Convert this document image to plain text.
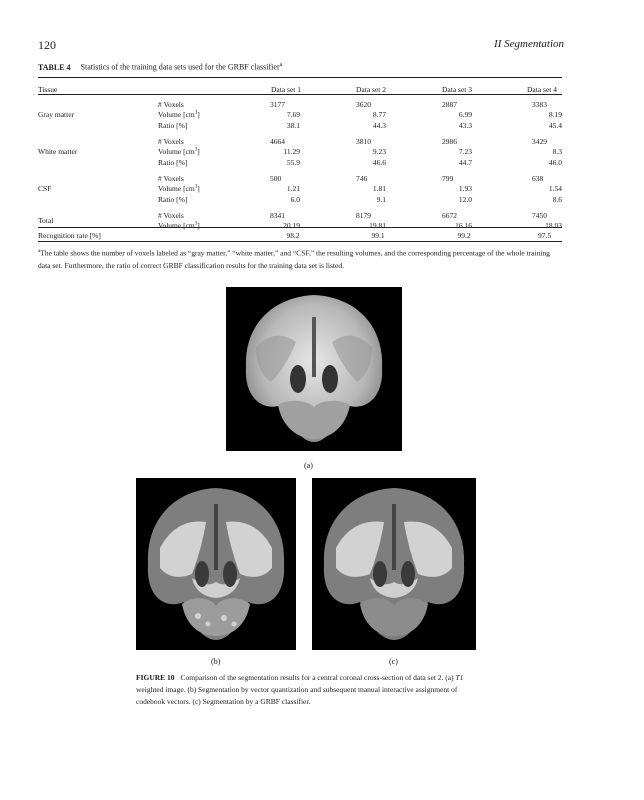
120	II Segmentation
TABLE 4 Statistics of the training data sets used for the GRBF classifier$^a$
Tissue	Data set 1	Data set 2	Data set 3	Data set 4
Gray matter
# Voxels	3177	3620	2887	3383
Volume $[cm^3]$	7.69	8.77	6.99	8.19
Ratio [%]	38.1	44.3	43.3	45.4
White matter
# Voxels	4664	3810	2986	3429
Volume $[cm^3]$	11.29	9.23	7.23	8.3
Ratio [%]	55.9	46.6	44.7	46.0
CSF
# Voxels	500	746	799	638
Volume $[cm^3]$	1.21	1.81	1.93	1.54
Ratio [%]	6.0	9.1	12.0	8.6
Total
# Voxels	8341	8179	6672	7450
Volume $[cm^3]$	20.19	19.81	16.16	18.03
Recognition rate [%]	98.2	99.1	99.2	97.5
$^a$The table shows the number of voxels labeled as “gray matter,” “white matter,” and “CSF,” the resulting volumes, and the corresponding percentage of the whole training data set. Furthermore, the ratio of correct GRBF classification results for the training data set is listed.
(a)
(b)	(c)
FIGURE 10 Comparison of the segmentation results for a central coronal cross-section of data set 2. (a) T1 weighted image. (b) Segmentation by vector quantization and subsequent manual interactive assignment of codebook vectors. (c) Segmentation by a GRBF classifier.
